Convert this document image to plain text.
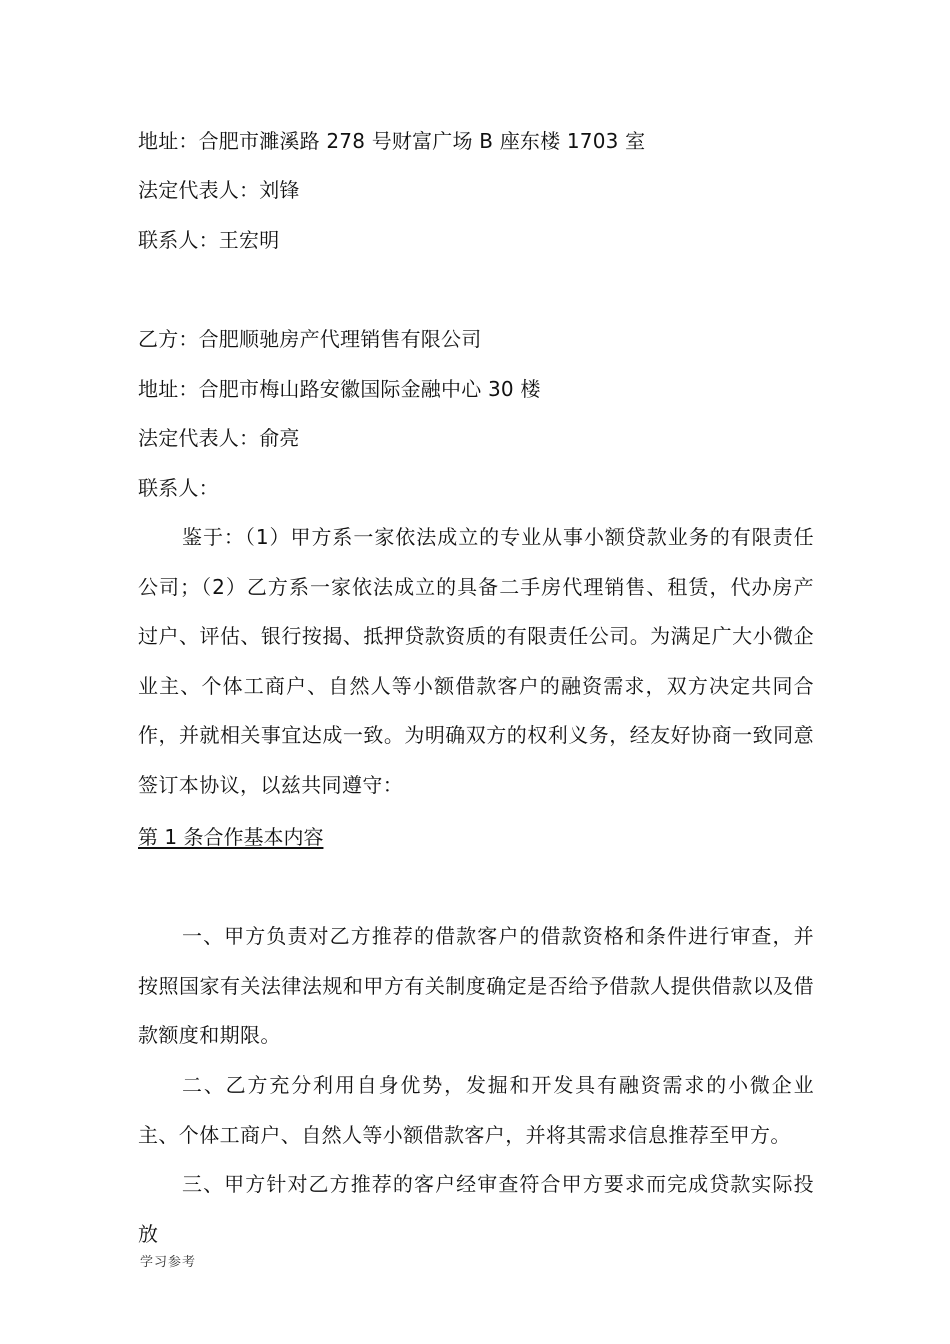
地址：合肥市濉溪路 278 号财富广场 B 座东楼 1703 室
法定代表人：刘锋
联系人：王宏明
乙方：合肥顺驰房产代理销售有限公司
地址：合肥市梅山路安徽国际金融中心 30 楼
法定代表人：俞亮
联系人：
鉴于：（1）甲方系一家依法成立的专业从事小额贷款业务的有限责任公司；（2）乙方系一家依法成立的具备二手房代理销售、租赁，代办房产过户、评估、银行按揭、抵押贷款资质的有限责任公司。为满足广大小微企业主、个体工商户、自然人等小额借款客户的融资需求，双方决定共同合作，并就相关事宜达成一致。为明确双方的权利义务，经友好协商一致同意签订本协议，以兹共同遵守：
第 1 条合作基本内容
一、甲方负责对乙方推荐的借款客户的借款资格和条件进行审查，并按照国家有关法律法规和甲方有关制度确定是否给予借款人提供借款以及借款额度和期限。
二、乙方充分利用自身优势，发掘和开发具有融资需求的小微企业主、个体工商户、自然人等小额借款客户，并将其需求信息推荐至甲方。
三、甲方针对乙方推荐的客户经审查符合甲方要求而完成贷款实际投放
学习参考
